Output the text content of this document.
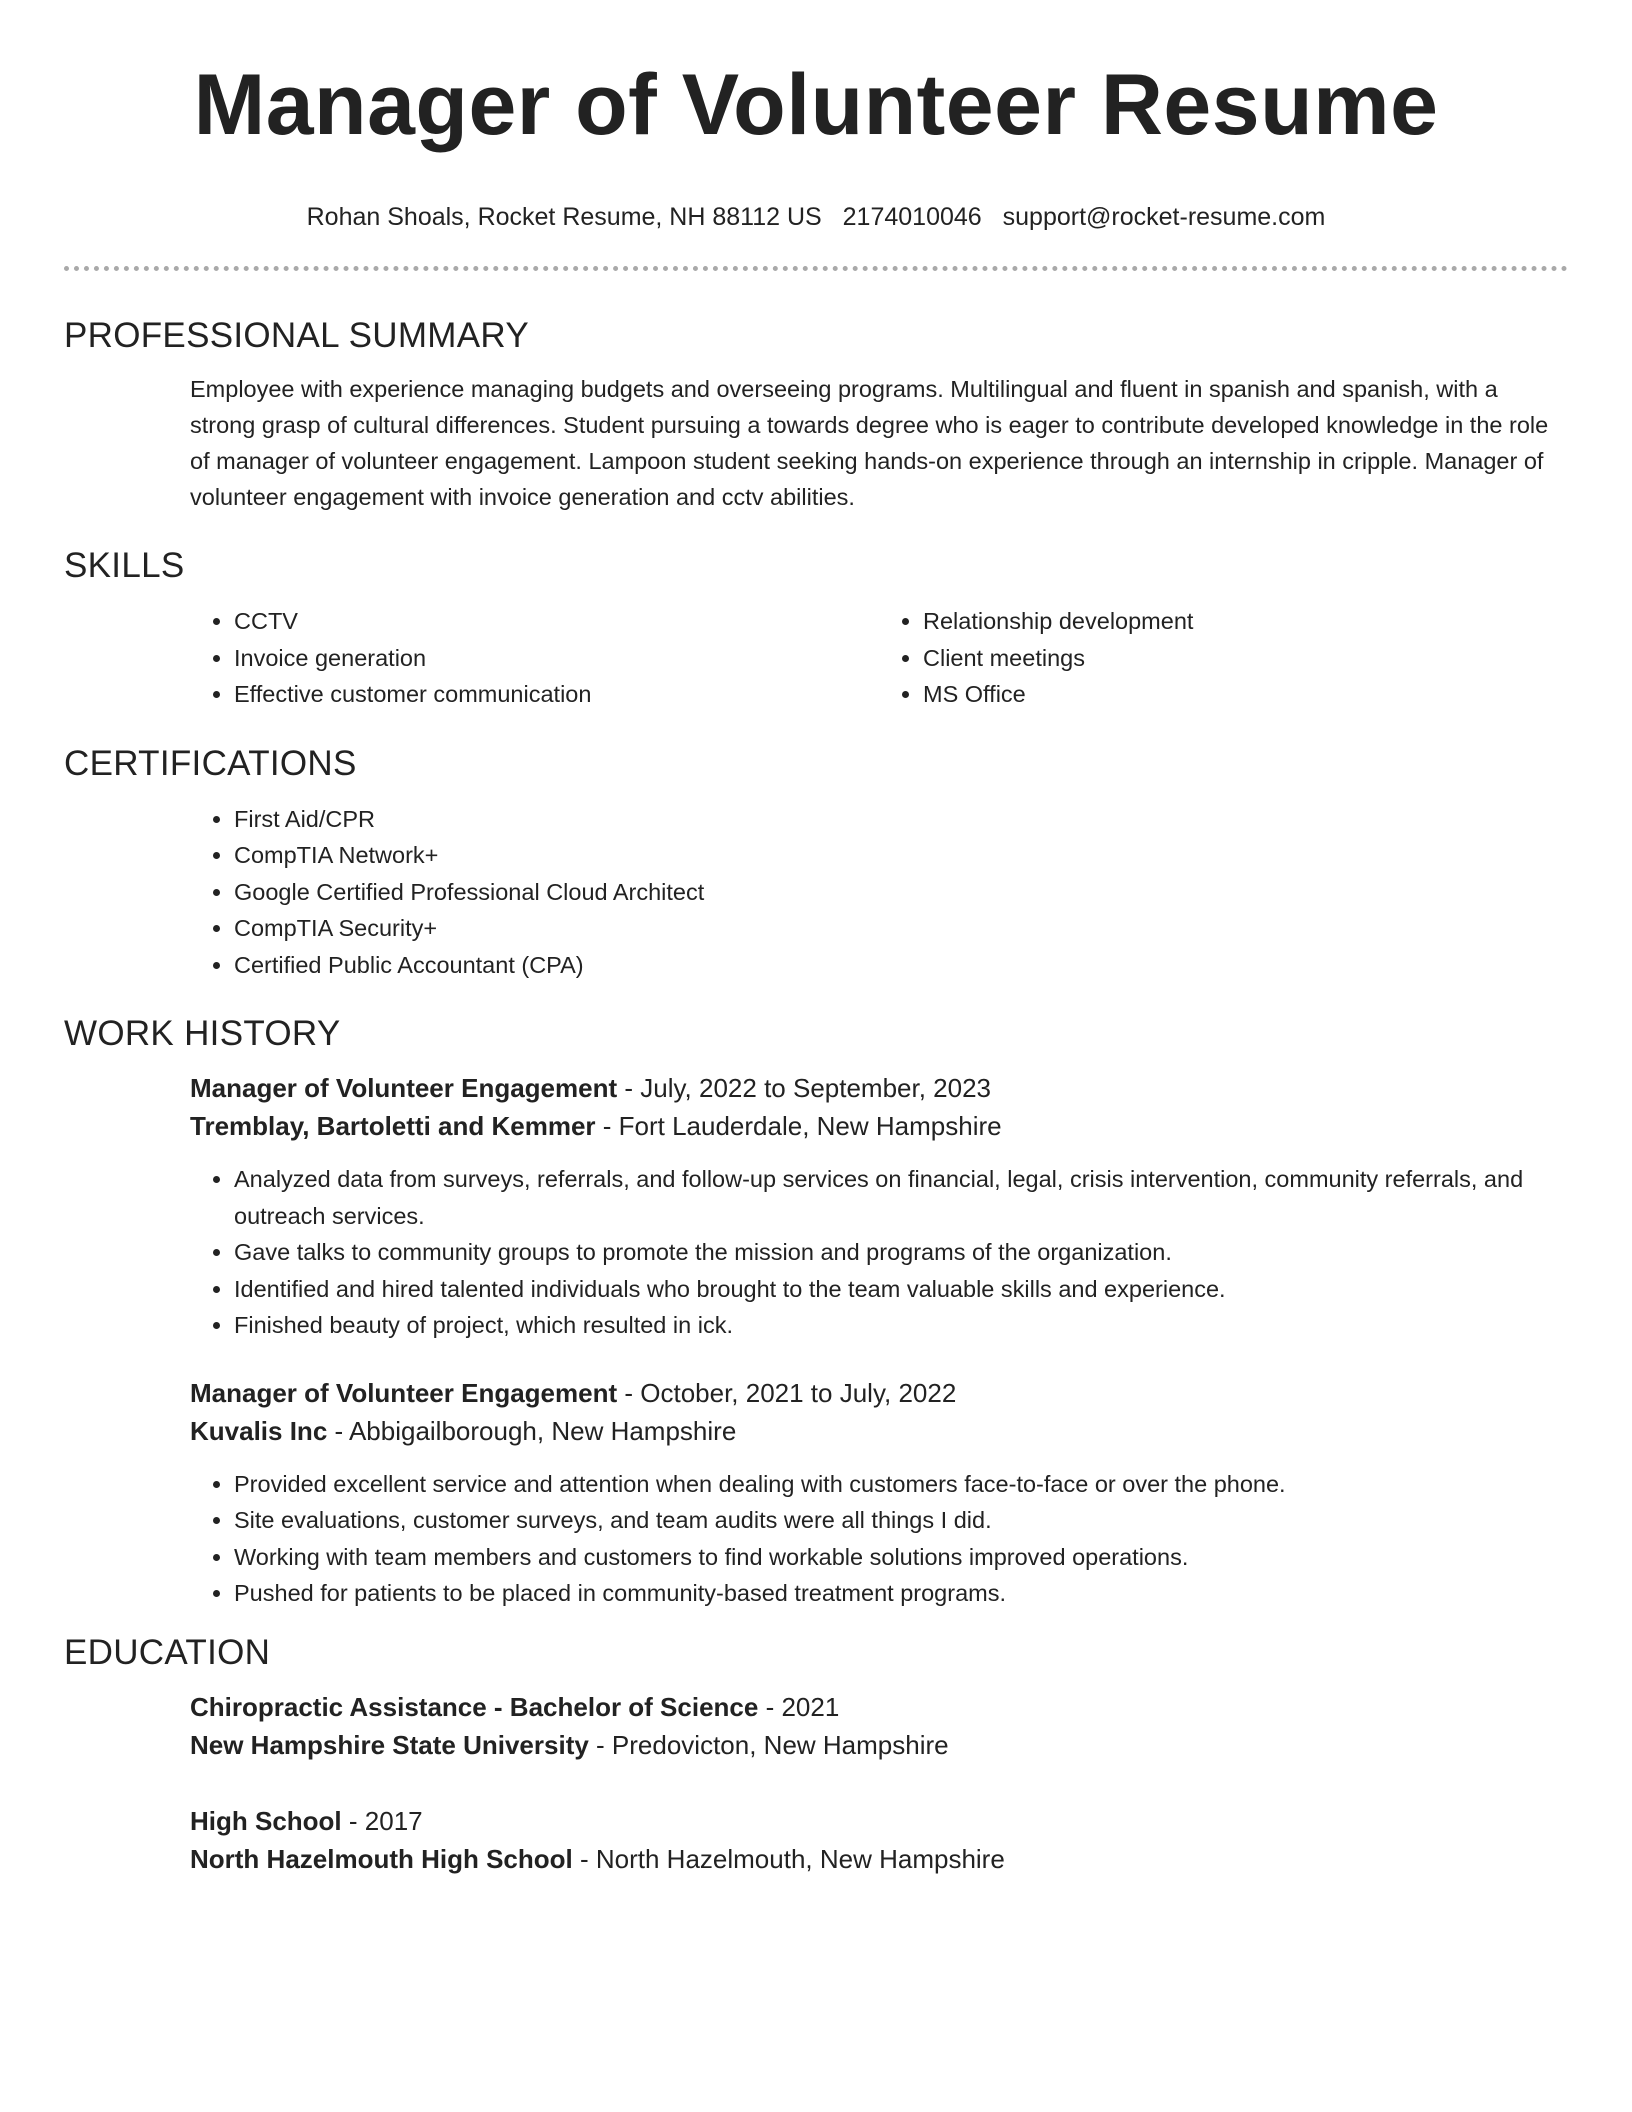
Manager of Volunteer Resume
Rohan Shoals, Rocket Resume, NH 88112 US 2174010046 support@rocket-resume.com
PROFESSIONAL SUMMARY

Employee with experience managing budgets and overseeing programs. Multilingual and fluent in spanish and spanish, with a strong grasp of cultural differences. Student pursuing a towards degree who is eager to contribute developed knowledge in the role of manager of volunteer engagement. Lampoon student seeking hands-on experience through an internship in cripple. Manager of volunteer engagement with invoice generation and cctv abilities.

SKILLS
• CCTV
• Invoice generation
• Effective customer communication
• Relationship development
• Client meetings
• MS Office
CERTIFICATIONS
• First Aid/CPR
• CompTIA Network+
• Google Certified Professional Cloud Architect
• CompTIA Security+
• Certified Public Accountant (CPA)
WORK HISTORY

Manager of Volunteer Engagement - July, 2022 to September, 2023

Tremblay, Bartoletti and Kemmer - Fort Lauderdale, New Hampshire

• Analyzed data from surveys, referrals, and follow-up services on financial, legal, crisis intervention, community referrals, and outreach services.
• Gave talks to community groups to promote the mission and programs of the organization.
• Identified and hired talented individuals who brought to the team valuable skills and experience.
• Finished beauty of project, which resulted in ick.

Manager of Volunteer Engagement - October, 2021 to July, 2022

Kuvalis Inc - Abbigailborough, New Hampshire

• Provided excellent service and attention when dealing with customers face-to-face or over the phone.
• Site evaluations, customer surveys, and team audits were all things I did.
• Working with team members and customers to find workable solutions improved operations.
• Pushed for patients to be placed in community-based treatment programs.
EDUCATION

Chiropractic Assistance - Bachelor of Science - 2021

New Hampshire State University - Predovicton, New Hampshire

High School - 2017

North Hazelmouth High School - North Hazelmouth, New Hampshire
